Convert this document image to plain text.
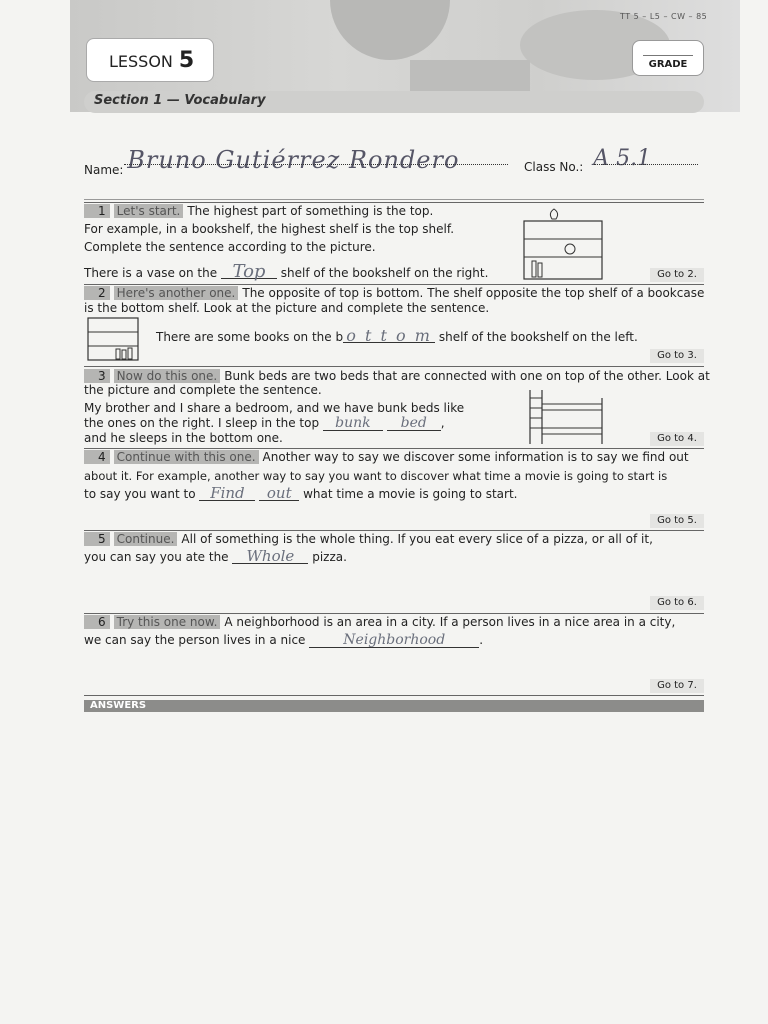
TT 5 – L5 – CW – 85
LESSON 5	GRADE
Section 1 — Vocabulary
Name: Bruno Gutiérrez Rondero	Class No.: A 5.1
1 Let's start. The highest part of something is the top.
For example, in a bookshelf, the highest shelf is the top shelf.
Complete the sentence according to the picture.
There is a vase on the Top shelf of the bookshelf on the right.	Go to 2.
2 Here's another one. The opposite of top is bottom. The shelf opposite the top shelf of a bookcase
is the bottom shelf. Look at the picture and complete the sentence.
There are some books on the b o t t o m shelf of the bookshelf on the left.
Go to 3.
3 Now do this one. Bunk beds are two beds that are connected with one on top of the other. Look at
the picture and complete the sentence.
My brother and I share a bedroom, and we have bunk beds like
the ones on the right. I sleep in the top bunk bed ,
and he sleeps in the bottom one.	Go to 4.
4 Continue with this one. Another way to say we discover some information is to say we find out
about it. For example, another way to say you want to discover what time a movie is going to start is
to say you want to Find out what time a movie is going to start.
Go to 5.
5 Continue. All of something is the whole thing. If you eat every slice of a pizza, or all of it,
you can say you ate the Whole pizza.
Go to 6.
6 Try this one now. A neighborhood is an area in a city. If a person lives in a nice area in a city,
we can say the person lives in a nice	Neighborhood	.
Go to 7.
ANSWERS
